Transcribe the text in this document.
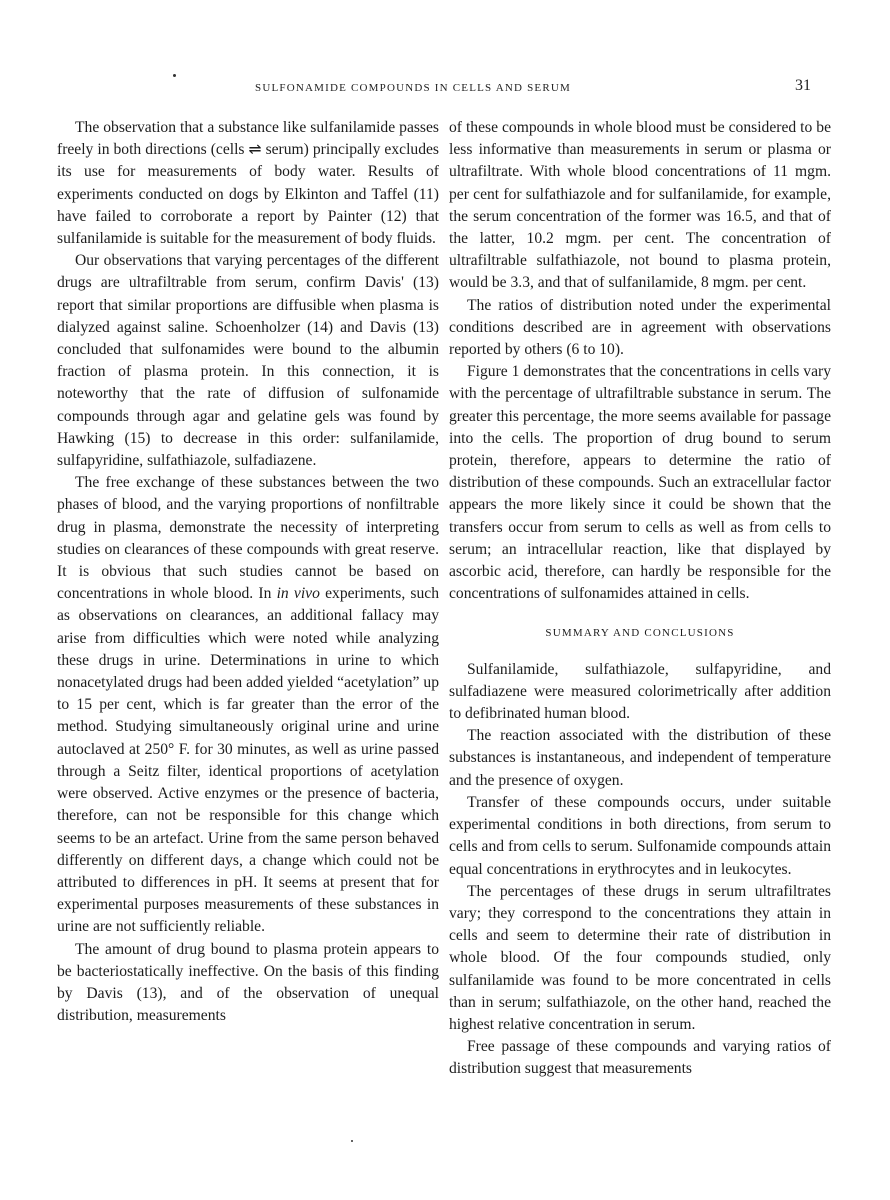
SULFONAMIDE COMPOUNDS IN CELLS AND SERUM	31

The observation that a substance like sulfanilamide passes freely in both directions (cells ⇌ serum) principally excludes its use for measurements of body water. Results of experiments conducted on dogs by Elkinton and Taffel (11) have failed to corroborate a report by Painter (12) that sulfanilamide is suitable for the measurement of body fluids.

Our observations that varying percentages of the different drugs are ultrafiltrable from serum, confirm Davis' (13) report that similar proportions are diffusible when plasma is dialyzed against saline. Schoenholzer (14) and Davis (13) concluded that sulfonamides were bound to the albumin fraction of plasma protein. In this connection, it is noteworthy that the rate of diffusion of sulfonamide compounds through agar and gelatine gels was found by Hawking (15) to decrease in this order: sulfanilamide, sulfapyridine, sulfathiazole, sulfadiazene.

The free exchange of these substances between the two phases of blood, and the varying proportions of nonfiltrable drug in plasma, demonstrate the necessity of interpreting studies on clearances of these compounds with great reserve. It is obvious that such studies cannot be based on concentrations in whole blood. In in vivo experiments, such as observations on clearances, an additional fallacy may arise from difficulties which were noted while analyzing these drugs in urine. Determinations in urine to which nonacetylated drugs had been added yielded “acetylation” up to 15 per cent, which is far greater than the error of the method. Studying simultaneously original urine and urine autoclaved at 250° F. for 30 minutes, as well as urine passed through a Seitz filter, identical proportions of acetylation were observed. Active enzymes or the presence of bacteria, therefore, can not be responsible for this change which seems to be an artefact. Urine from the same person behaved differently on different days, a change which could not be attributed to differences in pH. It seems at present that for experimental purposes measurements of these substances in urine are not sufficiently reliable.

The amount of drug bound to plasma protein appears to be bacteriostatically ineffective. On the basis of this finding by Davis (13), and of the observation of unequal distribution, measurements

of these compounds in whole blood must be considered to be less informative than measurements in serum or plasma or ultrafiltrate. With whole blood concentrations of 11 mgm. per cent for sulfathiazole and for sulfanilamide, for example, the serum concentration of the former was 16.5, and that of the latter, 10.2 mgm. per cent. The concentration of ultrafiltrable sulfathiazole, not bound to plasma protein, would be 3.3, and that of sulfanilamide, 8 mgm. per cent.

The ratios of distribution noted under the experimental conditions described are in agreement with observations reported by others (6 to 10).

Figure 1 demonstrates that the concentrations in cells vary with the percentage of ultrafiltrable substance in serum. The greater this percentage, the more seems available for passage into the cells. The proportion of drug bound to serum protein, therefore, appears to determine the ratio of distribution of these compounds. Such an extracellular factor appears the more likely since it could be shown that the transfers occur from serum to cells as well as from cells to serum; an intracellular reaction, like that displayed by ascorbic acid, therefore, can hardly be responsible for the concentrations of sulfonamides attained in cells.

SUMMARY AND CONCLUSIONS

Sulfanilamide, sulfathiazole, sulfapyridine, and sulfadiazene were measured colorimetrically after addition to defibrinated human blood.

The reaction associated with the distribution of these substances is instantaneous, and independent of temperature and the presence of oxygen.

Transfer of these compounds occurs, under suitable experimental conditions in both directions, from serum to cells and from cells to serum. Sulfonamide compounds attain equal concentrations in erythrocytes and in leukocytes.

The percentages of these drugs in serum ultrafiltrates vary; they correspond to the concentrations they attain in cells and seem to determine their rate of distribution in whole blood. Of the four compounds studied, only sulfanilamide was found to be more concentrated in cells than in serum; sulfathiazole, on the other hand, reached the highest relative concentration in serum.

Free passage of these compounds and varying ratios of distribution suggest that measurements
